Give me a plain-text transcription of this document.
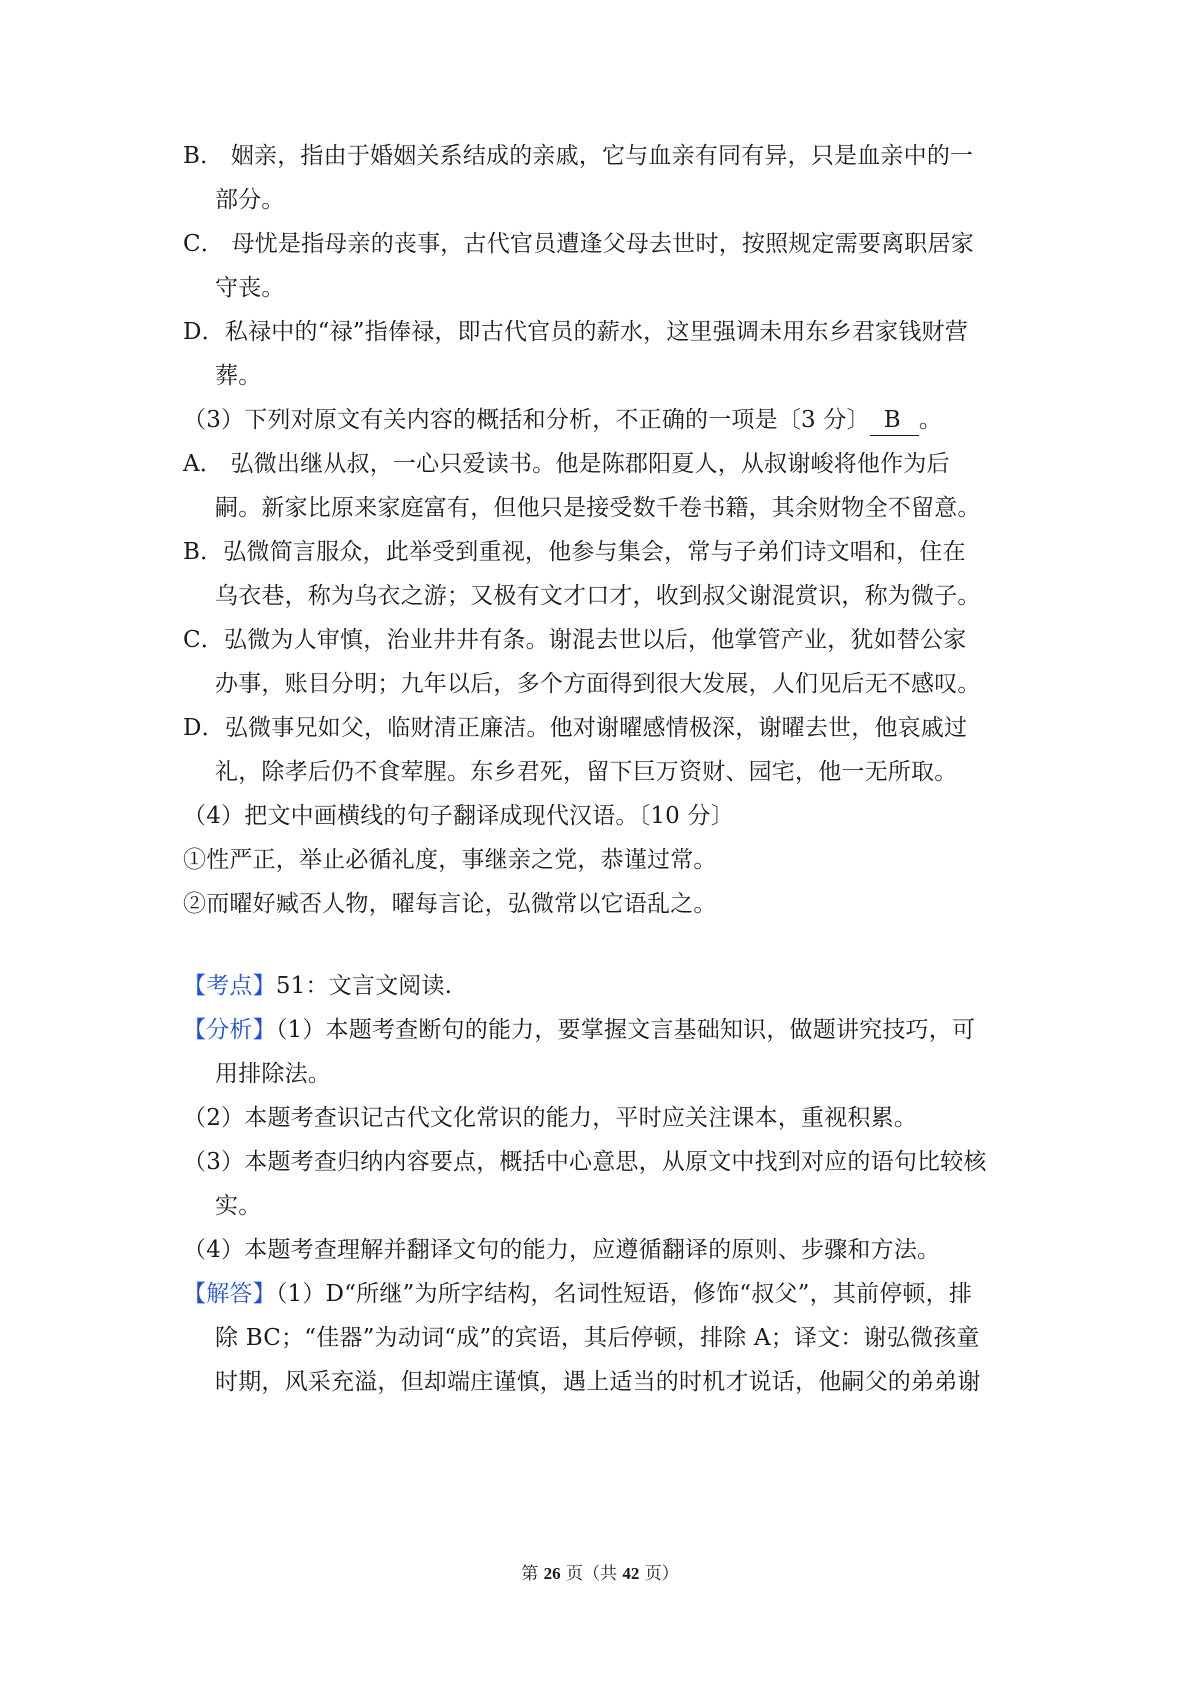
B． 姻亲，指由于婚姻关系结成的亲戚，它与血亲有同有异，只是血亲中的一
部分。
C． 母忧是指母亲的丧事，古代官员遭逢父母去世时，按照规定需要离职居家
守丧。
D．私禄中的“禄”指俸禄，即古代官员的薪水，这里强调未用东乡君家钱财营
葬。
（3）下列对原文有关内容的概括和分析，不正确的一项是〔3 分〕 B 。
A． 弘微出继从叔，一心只爱读书。他是陈郡阳夏人，从叔谢峻将他作为后
嗣。新家比原来家庭富有，但他只是接受数千卷书籍，其余财物全不留意。
B．弘微简言服众，此举受到重视，他参与集会，常与子弟们诗文唱和，住在
乌衣巷，称为乌衣之游；又极有文才口才，收到叔父谢混赏识，称为微子。
C．弘微为人审慎，治业井井有条。谢混去世以后，他掌管产业，犹如替公家
办事，账目分明；九年以后，多个方面得到很大发展，人们见后无不感叹。
D．弘微事兄如父，临财清正廉洁。他对谢曜感情极深，谢曜去世，他哀戚过
礼，除孝后仍不食荤腥。东乡君死，留下巨万资财、园宅，他一无所取。
（4）把文中画横线的句子翻译成现代汉语。〔10 分〕
①性严正，举止必循礼度，事继亲之党，恭谨过常。
②而曜好臧否人物，曜每言论，弘微常以它语乱之。
【考点】51：文言文阅读.
【分析】（1）本题考查断句的能力，要掌握文言基础知识，做题讲究技巧，可
用排除法。
（2）本题考查识记古代文化常识的能力，平时应关注课本，重视积累。
（3）本题考查归纳内容要点，概括中心意思，从原文中找到对应的语句比较核
实。
（4）本题考查理解并翻译文句的能力，应遵循翻译的原则、步骤和方法。
【解答】（1）D“所继”为所字结构，名词性短语，修饰“叔父”，其前停顿，排
除 BC；“佳器”为动词“成”的宾语，其后停顿，排除 A；译文：谢弘微孩童
时期，风采充溢，但却端庄谨慎，遇上适当的时机才说话，他嗣父的弟弟谢
第 26 页（共 42 页）
